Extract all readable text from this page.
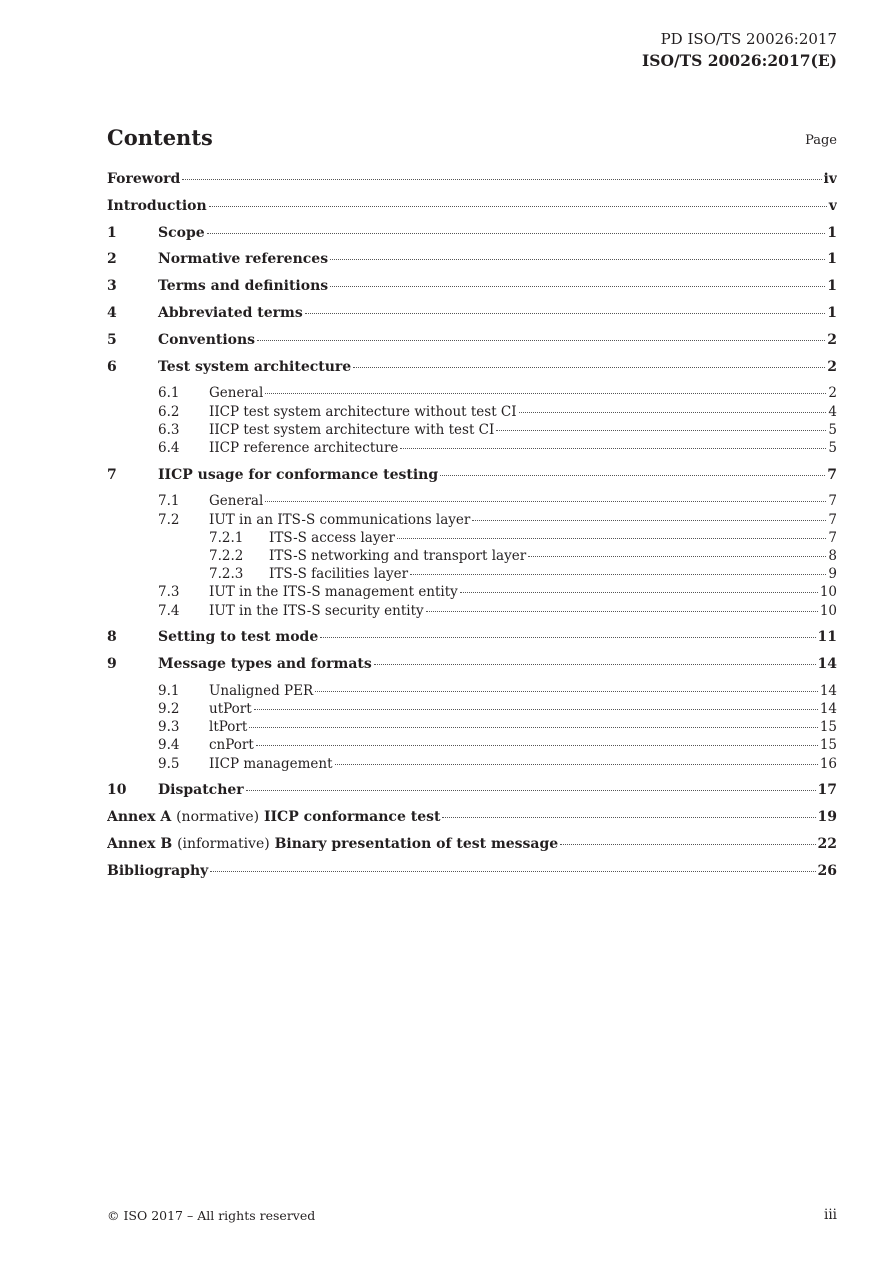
PD ISO/TS 20026:2017
ISO/TS 20026:2017(E)
Contents	Page
Foreword	iv
Introduction	v
1	Scope	1
2	Normative references	1
3	Terms and definitions	1
4	Abbreviated terms	1
5	Conventions	2
6	Test system architecture	2
6.1	General	2
6.2	IICP test system architecture without test CI	4
6.3	IICP test system architecture with test CI	5
6.4	IICP reference architecture	5
7	IICP usage for conformance testing	7
7.1	General	7
7.2	IUT in an ITS-S communications layer	7
7.2.1	ITS-S access layer	7
7.2.2	ITS-S networking and transport layer	8
7.2.3	ITS-S facilities layer	9
7.3	IUT in the ITS-S management entity	10
7.4	IUT in the ITS-S security entity	10
8	Setting to test mode	11
9	Message types and formats	14
9.1	Unaligned PER	14
9.2	utPort	14
9.3	ltPort	15
9.4	cnPort	15
9.5	IICP management	16
10	Dispatcher	17
Annex A (normative) IICP conformance test	19
Annex B (informative) Binary presentation of test message	22
Bibliography	26
© ISO 2017 – All rights reserved	iii
